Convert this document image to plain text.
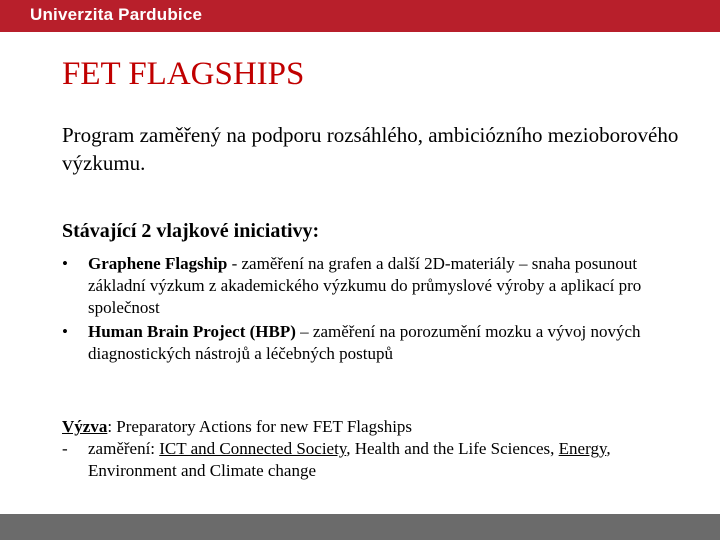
Univerzita Pardubice
FET FLAGSHIPS

Program zaměřený na podporu rozsáhlého, ambiciózního mezioborového výzkumu.

Stávající 2 vlajkové iniciativy:

• Graphene Flagship - zaměření na grafen a další 2D-materiály – snaha posunout základní výzkum z akademického výzkumu do průmyslové výroby a aplikací pro společnost
• Human Brain Project (HBP) – zaměření na porozumění mozku a vývoj nových diagnostických nástrojů a léčebných postupů
Výzva: Preparatory Actions for new FET Flagships
- zaměření: ICT and Connected Society, Health and the Life Sciences, Energy, Environment and Climate change
